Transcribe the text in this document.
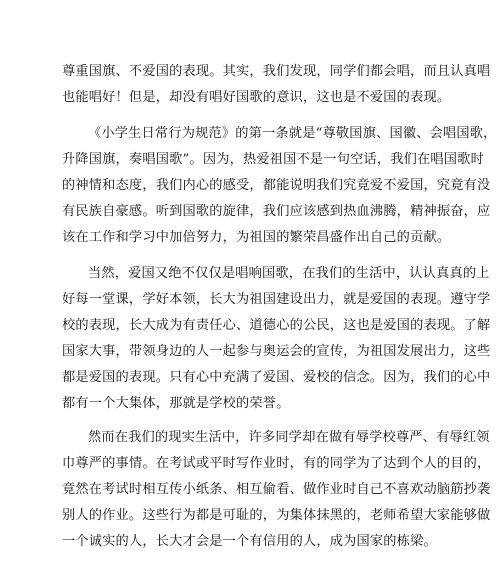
尊重国旗、不爱国的表现。其实，我们发现，同学们都会唱，而且认真唱
也能唱好！但是，却没有唱好国歌的意识，这也是不爱国的表现。
《小学生日常行为规范》的第一条就是“尊敬国旗、国徽、会唱国歌，
升降国旗，奏唱国歌”。因为，热爱祖国不是一句空话，我们在唱国歌时
的神情和态度，我们内心的感受，都能说明我们究竟爱不爱国，究竟有没
有民族自豪感。听到国歌的旋律，我们应该感到热血沸腾，精神振奋，应
该在工作和学习中加倍努力，为祖国的繁荣昌盛作出自己的贡献。
当然，爱国又绝不仅仅是唱响国歌，在我们的生活中，认认真真的上
好每一堂课，学好本领，长大为祖国建设出力，就是爱国的表现。遵守学
校的表现，长大成为有责任心、道德心的公民，这也是爱国的表现。了解
国家大事，带领身边的人一起参与奥运会的宣传，为祖国发展出力，这些
都是爱国的表现。只有心中充满了爱国、爱校的信念。因为，我们的心中
都有一个大集体，那就是学校的荣誉。
然而在我们的现实生活中，许多同学却在做有辱学校尊严、有辱红领
巾尊严的事情。在考试或平时写作业时，有的同学为了达到个人的目的，
竟然在考试时相互传小纸条、相互偷看、做作业时自己不喜欢动脑筋抄袭
别人的作业。这些行为都是可耻的，为集体抹黑的，老师希望大家能够做
一个诚实的人，长大才会是一个有信用的人，成为国家的栋梁。
